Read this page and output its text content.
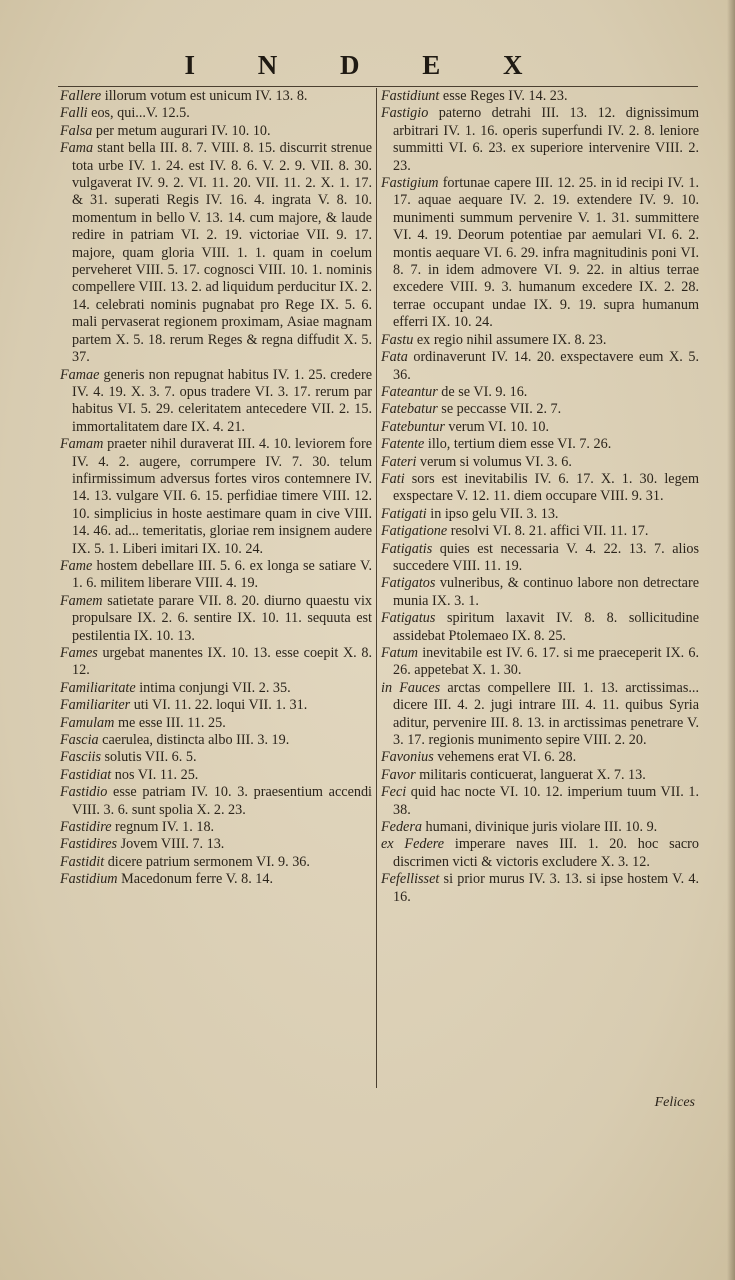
I N D E X

Fallere illorum votum est unicum IV. 13. 8.

Falli eos, qui...V. 12.5.

Falsa per metum augurari IV. 10. 10.

Fama stant bella III. 8. 7. VIII. 8. 15. discurrit strenue tota urbe IV. 1. 24. est IV. 8. 6. V. 2. 9. VII. 8. 30. vulgaverat IV. 9. 2. VI. 11. 20. VII. 11. 2. X. 1. 17. & 31. superati Regis IV. 16. 4. ingrata V. 8. 10. momentum in bello V. 13. 14. cum majore, & laude redire in patriam VI. 2. 19. victoriae VII. 9. 17. majore, quam gloria VIII. 1. 1. quam in coelum perveheret VIII. 5. 17. cognosci VIII. 10. 1. nominis compellere VIII. 13. 2. ad liquidum perducitur IX. 2. 14. celebrati nominis pugnabat pro Rege IX. 5. 6. mali pervaserat regionem proximam, Asiae magnam partem X. 5. 18. rerum Reges & regna diffudit X. 5. 37.

Famae generis non repugnat habitus IV. 1. 25. credere IV. 4. 19. X. 3. 7. opus tradere VI. 3. 17. rerum par habitus VI. 5. 29. celeritatem antecedere VII. 2. 15. immortalitatem dare IX. 4. 21.

Famam praeter nihil duraverat III. 4. 10. leviorem fore IV. 4. 2. augere, corrumpere IV. 7. 30. telum infirmissimum adversus fortes viros contemnere IV. 14. 13. vulgare VII. 6. 15. perfidiae timere VIII. 12. 10. simplicius in hoste aestimare quam in cive VIII. 14. 46. ad... temeritatis, gloriae rem insignem audere IX. 5. 1. Liberi imitari IX. 10. 24.

Fame hostem debellare III. 5. 6. ex longa se satiare V. 1. 6. militem liberare VIII. 4. 19.

Famem satietate parare VII. 8. 20. diurno quaestu vix propulsare IX. 2. 6. sentire IX. 10. 11. sequuta est pestilentia IX. 10. 13.

Fames urgebat manentes IX. 10. 13. esse coepit X. 8. 12.

Familiaritate intima conjungi VII. 2. 35.

Familiariter uti VI. 11. 22. loqui VII. 1. 31.

Famulam me esse III. 11. 25.

Fascia caerulea, distincta albo III. 3. 19.

Fasciis solutis VII. 6. 5.

Fastidiat nos VI. 11. 25.

Fastidio esse patriam IV. 10. 3. praesentium accendi VIII. 3. 6. sunt spolia X. 2. 23.

Fastidire regnum IV. 1. 18.

Fastidires Jovem VIII. 7. 13.

Fastidit dicere patrium sermonem VI. 9. 36.

Fastidium Macedonum ferre V. 8. 14.

Fastidiunt esse Reges IV. 14. 23.

Fastigio paterno detrahi III. 13. 12. dignissimum arbitrari IV. 1. 16. operis superfundi IV. 2. 8. leniore summitti VI. 6. 23. ex superiore intervenire VIII. 2. 23.

Fastigium fortunae capere III. 12. 25. in id recipi IV. 1. 17. aquae aequare IV. 2. 19. extendere IV. 9. 10. munimenti summum pervenire V. 1. 31. summittere VI. 4. 19. Deorum potentiae par aemulari VI. 6. 2. montis aequare VI. 6. 29. infra magnitudinis poni VI. 8. 7. in idem admovere VI. 9. 22. in altius terrae excedere VIII. 9. 3. humanum excedere IX. 2. 28. terrae occupant undae IX. 9. 19. supra humanum efferri IX. 10. 24.

Fastu ex regio nihil assumere IX. 8. 23.

Fata ordinaverunt IV. 14. 20. exspectavere eum X. 5. 36.

Fateantur de se VI. 9. 16.

Fatebatur se peccasse VII. 2. 7.

Fatebuntur verum VI. 10. 10.

Fatente illo, tertium diem esse VI. 7. 26.

Fateri verum si volumus VI. 3. 6.

Fati sors est inevitabilis IV. 6. 17. X. 1. 30. legem exspectare V. 12. 11. diem occupare VIII. 9. 31.

Fatigati in ipso gelu VII. 3. 13.

Fatigatione resolvi VI. 8. 21. affici VII. 11. 17.

Fatigatis quies est necessaria V. 4. 22. 13. 7. alios succedere VIII. 11. 19.

Fatigatos vulneribus, & continuo labore non detrectare munia IX. 3. 1.

Fatigatus spiritum laxavit IV. 8. 8. sollicitudine assidebat Ptolemaeo IX. 8. 25.

Fatum inevitabile est IV. 6. 17. si me praeceperit IX. 6. 26. appetebat X. 1. 30.

in Fauces arctas compellere III. 1. 13. arctissimas... dicere III. 4. 2. jugi intrare III. 4. 11. quibus Syria aditur, pervenire III. 8. 13. in arctissimas penetrare V. 3. 17. regionis munimento sepire VIII. 2. 20.

Favonius vehemens erat VI. 6. 28.

Favor militaris conticuerat, languerat X. 7. 13.

Feci quid hac nocte VI. 10. 12. imperium tuum VII. 1. 38.

Federa humani, divinique juris violare III. 10. 9.

ex Federe imperare naves III. 1. 20. hoc sacro discrimen victi & victoris excludere X. 3. 12.

Fefellisset si prior murus IV. 3. 13. si ipse hostem V. 4. 16.

Felices
